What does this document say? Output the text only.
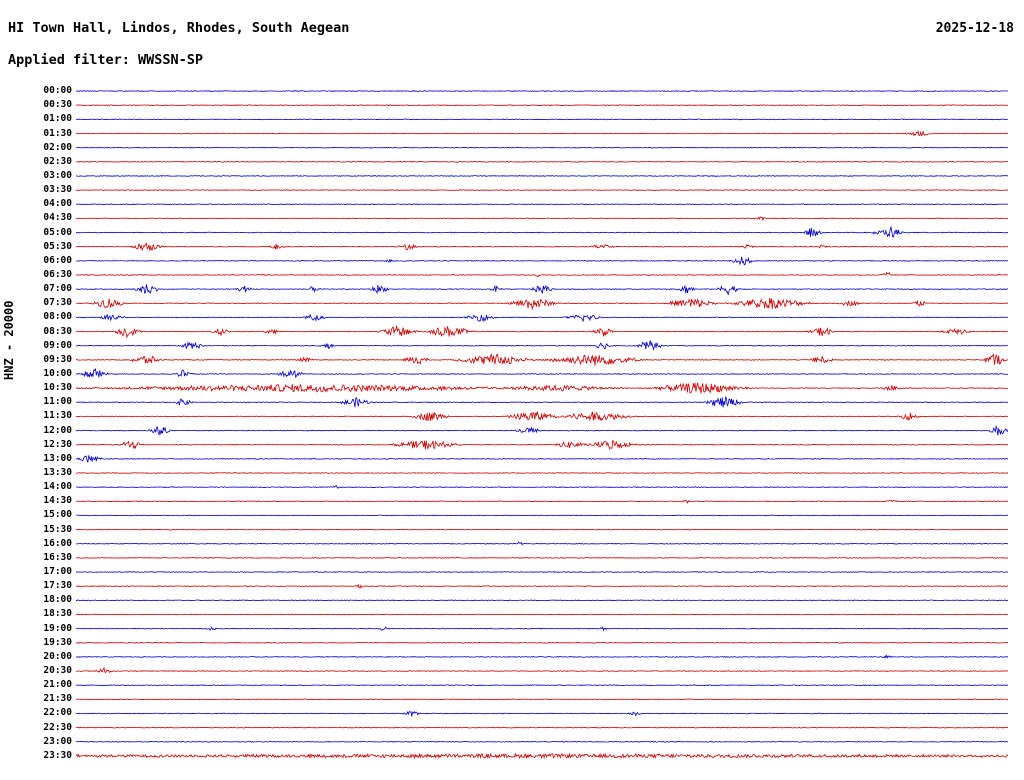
HI Town Hall, Lindos, Rhodes, South Aegean	2025-12-18
Applied filter: WWSSN-SP
HNZ - 20000
00:00
00:30
01:00
01:30
02:00
02:30
03:00
03:30
04:00
04:30
05:00
05:30
06:00
06:30
07:00
07:30
08:00
08:30
09:00
09:30
10:00
10:30
11:00
11:30
12:00
12:30
13:00
13:30
14:00
14:30
15:00
15:30
16:00
16:30
17:00
17:30
18:00
18:30
19:00
19:30
20:00
20:30
21:00
21:30
22:00
22:30
23:00
23:30
